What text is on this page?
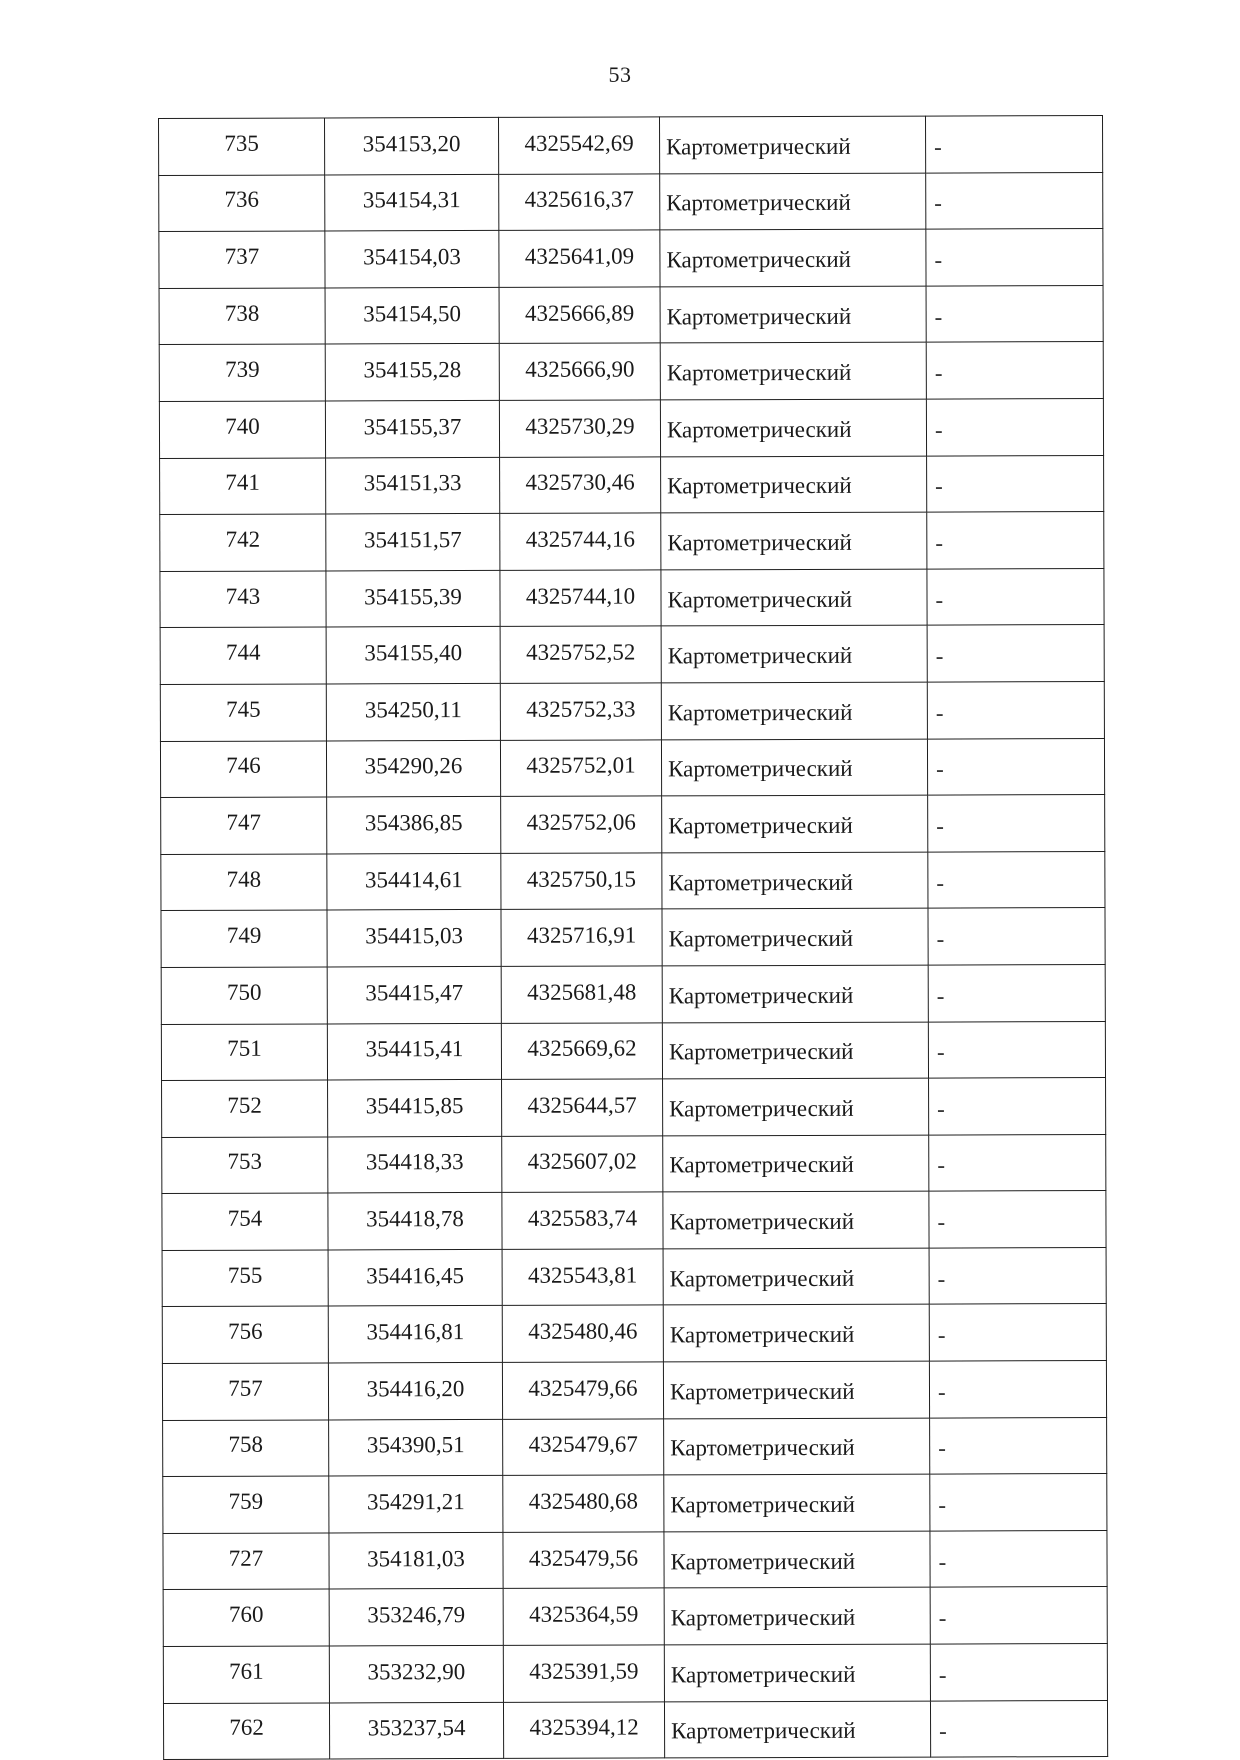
53
735	354153,20	4325542,69	Картометрический	-
736	354154,31	4325616,37	Картометрический	-
737	354154,03	4325641,09	Картометрический	-
738	354154,50	4325666,89	Картометрический	-
739	354155,28	4325666,90	Картометрический	-
740	354155,37	4325730,29	Картометрический	-
741	354151,33	4325730,46	Картометрический	-
742	354151,57	4325744,16	Картометрический	-
743	354155,39	4325744,10	Картометрический	-
744	354155,40	4325752,52	Картометрический	-
745	354250,11	4325752,33	Картометрический	-
746	354290,26	4325752,01	Картометрический	-
747	354386,85	4325752,06	Картометрический	-
748	354414,61	4325750,15	Картометрический	-
749	354415,03	4325716,91	Картометрический	-
750	354415,47	4325681,48	Картометрический	-
751	354415,41	4325669,62	Картометрический	-
752	354415,85	4325644,57	Картометрический	-
753	354418,33	4325607,02	Картометрический	-
754	354418,78	4325583,74	Картометрический	-
755	354416,45	4325543,81	Картометрический	-
756	354416,81	4325480,46	Картометрический	-
757	354416,20	4325479,66	Картометрический	-
758	354390,51	4325479,67	Картометрический	-
759	354291,21	4325480,68	Картометрический	-
727	354181,03	4325479,56	Картометрический	-
760	353246,79	4325364,59	Картометрический	-
761	353232,90	4325391,59	Картометрический	-
762	353237,54	4325394,12	Картометрический	-
